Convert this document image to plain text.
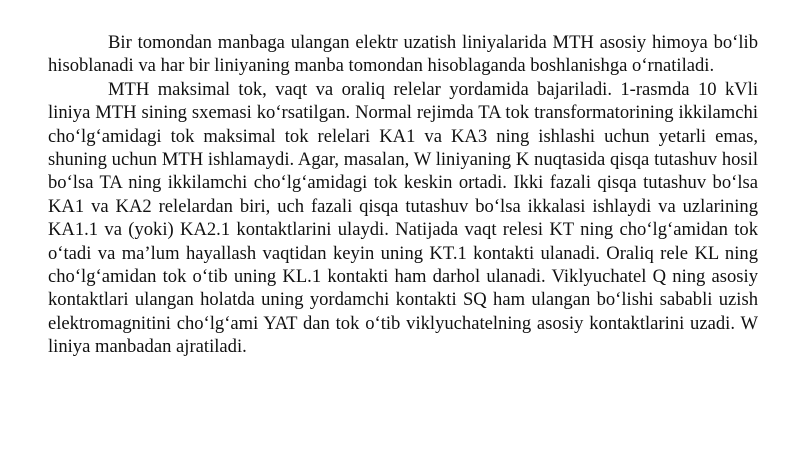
Bir tomondan manbaga ulangan elektr uzatish liniyalarida MTH asosiy himoya bo‘lib hisoblanadi va har bir liniyaning manba tomondan hisoblaganda boshlanishga o‘rnatiladi.

MTH maksimal tok, vaqt va oraliq relelar yordamida bajariladi. 1-rasmda 10 kVli liniya MTH sining sxemasi ko‘rsatilgan. Normal rejimda TA tok transformatorining ikkilamchi cho‘lg‘amidagi tok maksimal tok relelari KA1 va KA3 ning ishlashi uchun yetarli emas, shuning uchun MTH ishlamaydi. Agar, masalan, W liniyaning K nuqtasida qisqa tutashuv hosil bo‘lsa TA ning ikkilamchi cho‘lg‘amidagi tok keskin ortadi. Ikki fazali qisqa tutashuv bo‘lsa KA1 va KA2 relelardan biri, uch fazali qisqa tutashuv bo‘lsa ikkalasi ishlaydi va uzlarining KA1.1 va (yoki) KA2.1 kontaktlarini ulaydi. Natijada vaqt relesi KT ning cho‘lg‘amidan tok o‘tadi va ma’lum hayallash vaqtidan keyin uning KT.1 kontakti ulanadi. Oraliq rele KL ning cho‘lg‘amidan tok o‘tib uning KL.1 kontakti ham darhol ulanadi. Viklyuchatel Q ning asosiy kontaktlari ulangan holatda uning yordamchi kontakti SQ ham ulangan bo‘lishi sababli uzish elektromagnitini cho‘lg‘ami YAT dan tok o‘tib viklyuchatelning asosiy kontaktlarini uzadi. W liniya manbadan ajratiladi.
